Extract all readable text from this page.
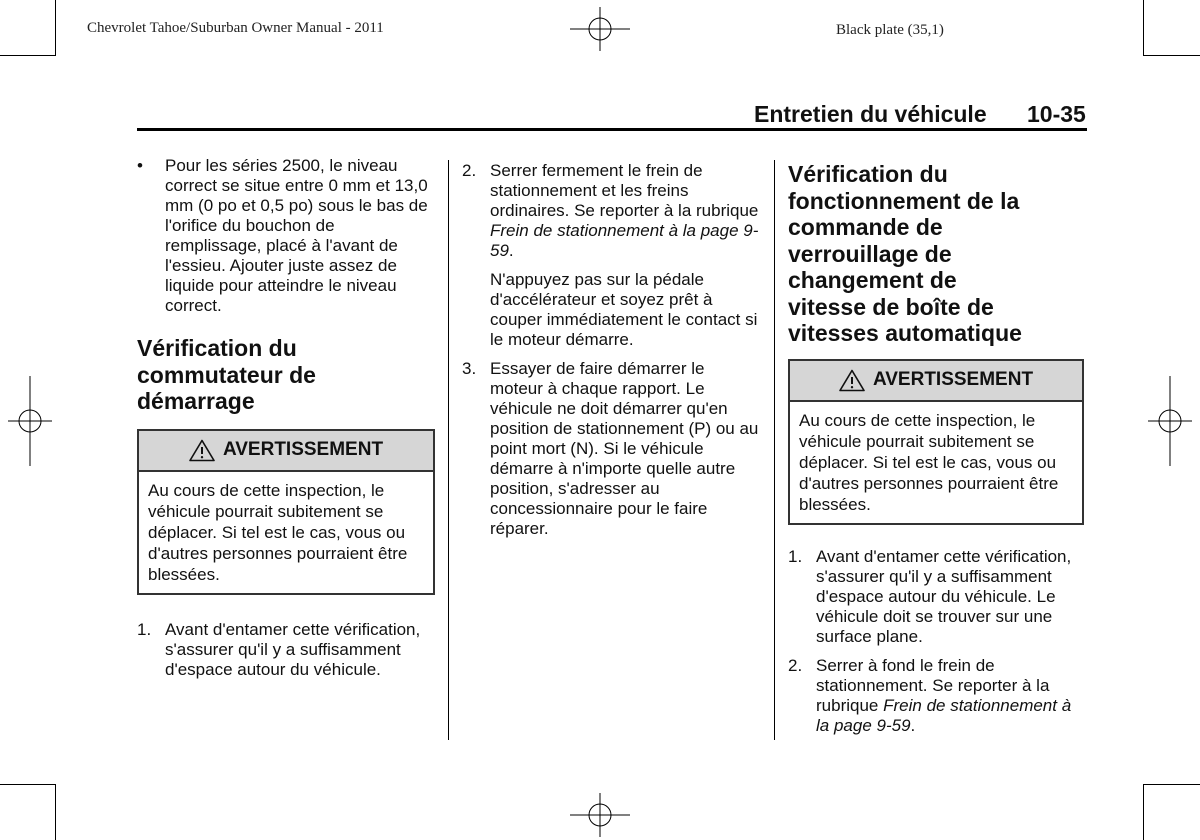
Chevrolet Tahoe/Suburban Owner Manual - 2011	Black plate (35,1)
Entretien du véhicule 10-35
• Pour les séries 2500, le niveau correct se situe entre 0 mm et 13,0 mm (0 po et 0,5 po) sous le bas de l'orifice du bouchon de remplissage, placé à l'avant de l'essieu. Ajouter juste assez de liquide pour atteindre le niveau correct.

Vérification du commutateur de démarrage
AVERTISSEMENT
Au cours de cette inspection, le véhicule pourrait subitement se déplacer. Si tel est le cas, vous ou d'autres personnes pourraient être blessées.
1. Avant d'entamer cette vérification, s'assurer qu'il y a suffisamment d'espace autour du véhicule.

2. Serrer fermement le frein de stationnement et les freins ordinaires. Se reporter à la rubrique Frein de stationnement à la page 9-59.

N'appuyez pas sur la pédale d'accélérateur et soyez prêt à couper immédiatement le contact si le moteur démarre.

3. Essayer de faire démarrer le moteur à chaque rapport. Le véhicule ne doit démarrer qu'en position de stationnement (P) ou au point mort (N). Si le véhicule démarre à n'importe quelle autre position, s'adresser au concessionnaire pour le faire réparer.

Vérification du fonctionnement de la commande de verrouillage de changement de vitesse de boîte de vitesses automatique
AVERTISSEMENT
Au cours de cette inspection, le véhicule pourrait subitement se déplacer. Si tel est le cas, vous ou d'autres personnes pourraient être blessées.
1. Avant d'entamer cette vérification, s'assurer qu'il y a suffisamment d'espace autour du véhicule. Le véhicule doit se trouver sur une surface plane.

2. Serrer à fond le frein de stationnement. Se reporter à la rubrique Frein de stationnement à la page 9-59.
